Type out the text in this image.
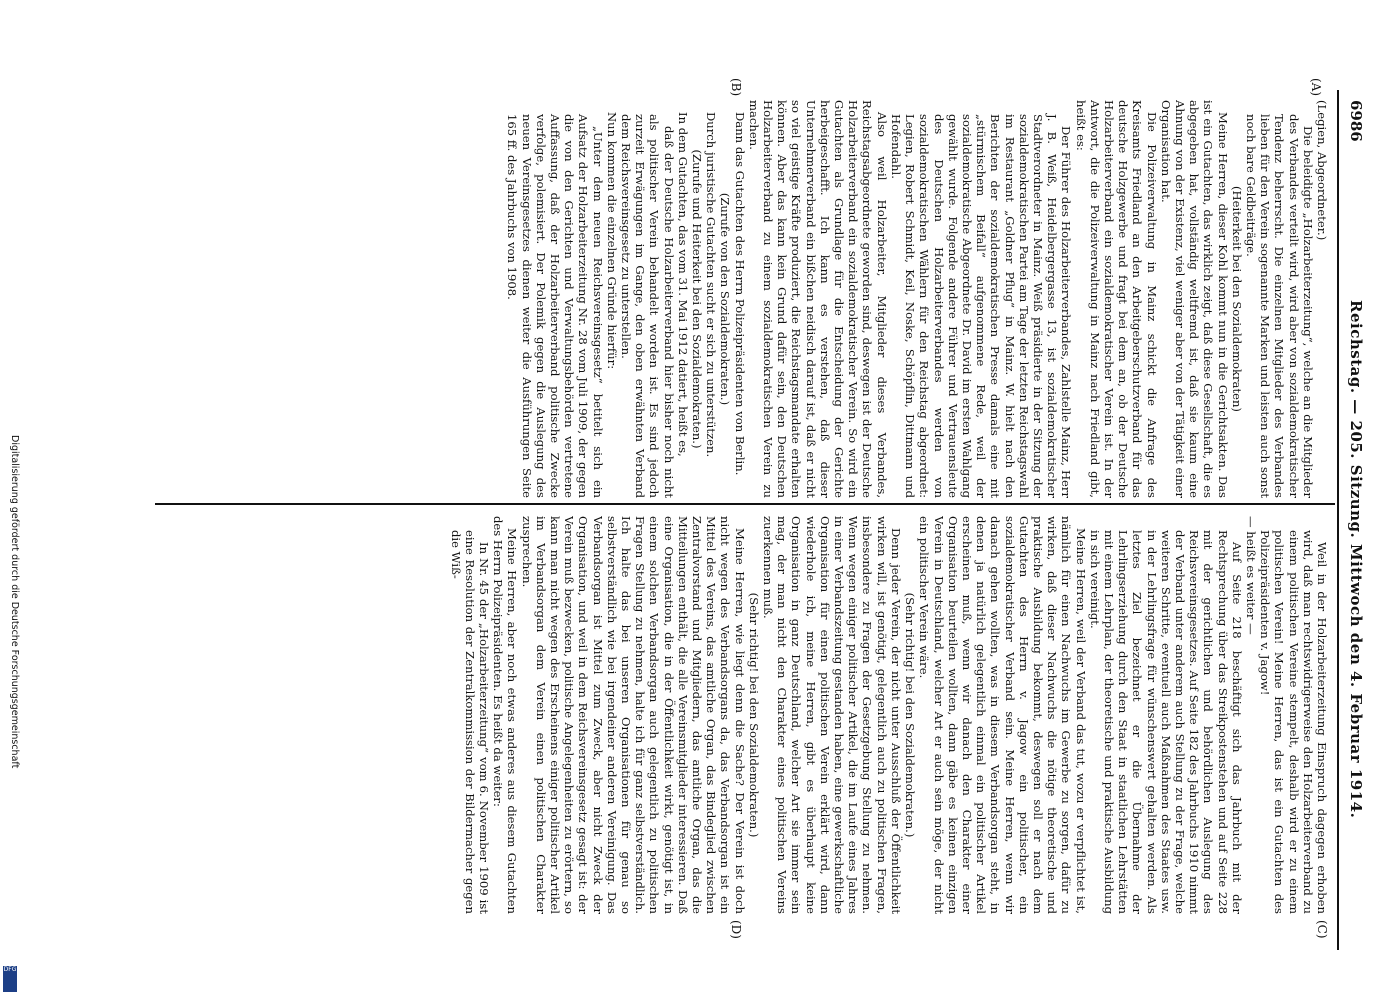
6986
Reichstag. — 205. Sitzung. Mittwoch den 4. Februar 1914.
(A)
(B)
(C)
(D)

(Legien, Abgeordneter.)

Die beleidigte „Holzarbeiterzeitung“, welche an die Mitglieder des Verbandes verteilt wird, wird aber von sozialdemokratischer Tendenz beherrscht. Die einzelnen Mitglieder des Verbandes lieben für den Verein sogenannte Marken und leisten auch sonst noch bare Geldbeiträge.

(Heiterkeit bei den Sozialdemokraten)

Meine Herren, dieser Kohl kommt nun in die Gerichtsakten. Das ist ein Gutachten, das wirklich zeigt, daß diese Gesellschaft, die es abgegeben hat, vollständig weltfremd ist, daß sie kaum eine Ahnung von der Existenz, viel weniger aber von der Tätigkeit einer Organisation hat.

Die Polizeiverwaltung in Mainz schickt die Anfrage des Kreisamts Friedland an den Arbeitgeberschutzverband für das deutsche Holzgewerbe und fragt bei dem an, ob der Deutsche Holzarbeiterverband ein sozialdemokratischer Verein ist. In der Antwort, die die Polizeiverwaltung in Mainz nach Friedland gibt, heißt es:

Der Führer des Holzarbeiterverbandes, Zahlstelle Mainz, Herr J. B. Weiß, Heidelbergergasse 13, ist sozialdemokratischer Stadtverordneter in Mainz. Weiß präsidierte in der Sitzung der sozialdemokratischen Partei am Tage der letzten Reichstagswahl im Restaurant „Goldner Pflug“ in Mainz. W. hielt nach den Berichten der sozialdemokratischen Presse damals eine mit „stürmischem Beifall“ aufgenommene Rede, weil der sozialdemokratische Abgeordnete Dr. David im ersten Wahlgang gewählt wurde. Folgende andere Führer und Vertrauensleute des Deutschen Holzarbeiterverbandes werden von sozialdemokratischen Wählern für den Reichstag abgeordnet: Legien, Robert Schmidt, Keil, Noske, Schöpflin, Dittmann und Hofendahl.

Also weil Holzarbeiter, Mitglieder dieses Verbandes, Reichstagsabgeordnete geworden sind, deswegen ist der Deutsche Holzarbeiterverband ein sozialdemokratischer Verein. So wird ein Gutachten als Grundlage für die Entscheidung der Gerichte herbeigeschafft. Ich kann es verstehen, daß dieser Unternehmerverband ein bißchen neidisch darauf ist, daß er nicht so viel geistige Kräfte produziert, die Reichstagsmandate erhalten können. Aber das kann kein Grund dafür sein, den Deutschen Holzarbeiterverband zu einem sozialdemokratischen Verein zu machen.

Dann das Gutachten des Herrn Polizeipräsidenten von Berlin.

(Zurufe von den Sozialdemokraten.)

Durch juristische Gutachten sucht er sich zu unterstützen.

(Zurufe und Heiterkeit bei den Sozialdemokraten.)

In dem Gutachten, das vom 31. Mai 1912 datiert, heißt es,

daß der Deutsche Holzarbeiterverband hier bisher noch nicht als politischer Verein behandelt worden ist. Es sind jedoch zurzeit Erwägungen im Gange, den oben erwähnten Verband dem Reichsvereinsgesetz zu unterstellen.

Nun kommen die einzelnen Gründe hierfür:

„Unter dem neuen Reichsvereinsgesetz“ betitelt sich ein Aufsatz der Holzarbeiterzeitung Nr. 28 vom Juli 1909, der gegen die von den Gerichten und Verwaltungsbehörden vertretene Auffassung, daß der Holzarbeiterverband politische Zwecke verfolge, polemisiert. Der Polemik gegen die Auslegung des neuen Vereinsgesetzes dienen weiter die Ausführungen Seite 165 ff. des Jahrbuchs von 1908.

Weil in der Holzarbeiterzeitung Einspruch dagegen erhoben wird, daß man rechtswidrigerweise den Holzarbeiterverband zu einem politischen Vereine stempelt, deshalb wird er zu einem politischen Verein! Meine Herren, das ist ein Gutachten des Polizeipräsidenten v. Jagow!

— heißt es weiter —

Auf Seite 218 beschäftigt sich das Jahrbuch mit der Rechtsprechung über das Streikpostenstehen und auf Seite 228 mit der gerichtlichen und behördlichen Auslegung des Reichsvereinsgesetzes. Auf Seite 182 des Jahrbuchs 1910 nimmt der Verband unter anderem auch Stellung zu der Frage, welche weiteren Schritte, eventuell auch Maßnahmen des Staates usw. in der Lehrlingsfrage für wünschenswert gehalten werden. Als letztes Ziel bezeichnet er die Übernahme der Lehrlingserziehung durch den Staat in staatlichen Lehrstätten mit einem Lehrplan, der theoretische und praktische Ausbildung in sich vereinigt.

Meine Herren, weil der Verband das tut, wozu er verpflichtet ist, nämlich für einen Nachwuchs im Gewerbe zu sorgen, dafür zu wirken, daß dieser Nachwuchs die nötige theoretische und praktische Ausbildung bekommt, deswegen soll er nach dem Gutachten des Herrn v. Jagow ein politischer, ein sozialdemokratischer Verband sein. Meine Herren, wenn wir danach gehen wollten, was in diesem Verbandsorgan steht, in denen ja natürlich gelegentlich einmal ein politischer Artikel erscheinen muß, wenn wir danach den Charakter einer Organisation beurteilen wollten, dann gäbe es keinen einzigen Verein in Deutschland, welcher Art er auch sein möge, der nicht ein politischer Verein wäre.

(Sehr richtig! bei den Sozialdemokraten.)

Denn jeder Verein, der nicht unter Ausschluß der Öffentlichkeit wirken will, ist genötigt, gelegentlich auch zu politischen Fragen, insbesondere zu Fragen der Gesetzgebung Stellung zu nehmen. Wenn wegen einiger politischer Artikel, die im Laufe eines Jahres in einer Verbandszeitung gestanden haben, eine gewerkschaftliche Organisation für einen politischen Verein erklärt wird, dann wiederhole ich, meine Herren, gibt es überhaupt keine Organisation in ganz Deutschland, welcher Art sie immer sein mag, der man nicht den Charakter eines politischen Vereins zuerkennen muß.

(Sehr richtig! bei den Sozialdemokraten.)

Meine Herren, wie liegt denn die Sache? Der Verein ist doch nicht wegen des Verbandsorgans da, das Verbandsorgan ist ein Mittel des Vereins, das amtliche Organ, das Bindeglied zwischen Zentralvorstand und Mitgliedern, das amtliche Organ, das die Mitteilungen enthält, die alle Vereinsmitglieder interessieren. Daß eine Organisation, die in der Öffentlichkeit wirkt, genötigt ist, in einem solchen Verbandsorgan auch gelegentlich zu politischen Fragen Stellung zu nehmen, halte ich für ganz selbstverständlich. Ich halte das bei unseren Organisationen für genau so selbstverständlich wie bei irgendeiner anderen Vereinigung. Das Verbandsorgan ist Mittel zum Zweck, aber nicht Zweck der Organisation, und weil in dem Reichsvereinsgesetz gesagt ist: der Verein muß bezwecken, politische Angelegenheiten zu erörtern, so kann man nicht wegen des Erscheinens einiger politischer Artikel im Verbandsorgan dem Verein einen politischen Charakter zusprechen.

Meine Herren, aber noch etwas anderes aus diesem Gutachten des Herrn Polizeipräsidenten. Es heißt da weiter:

In Nr. 45 der „Holzarbeiterzeitung“ vom 6. November 1909 ist eine Resolution der Zentralkommission der Bildermacher gegen die Wiß-

Digitalisierung gefördert durch die Deutsche Forschungsgemeinschaft
DFG
